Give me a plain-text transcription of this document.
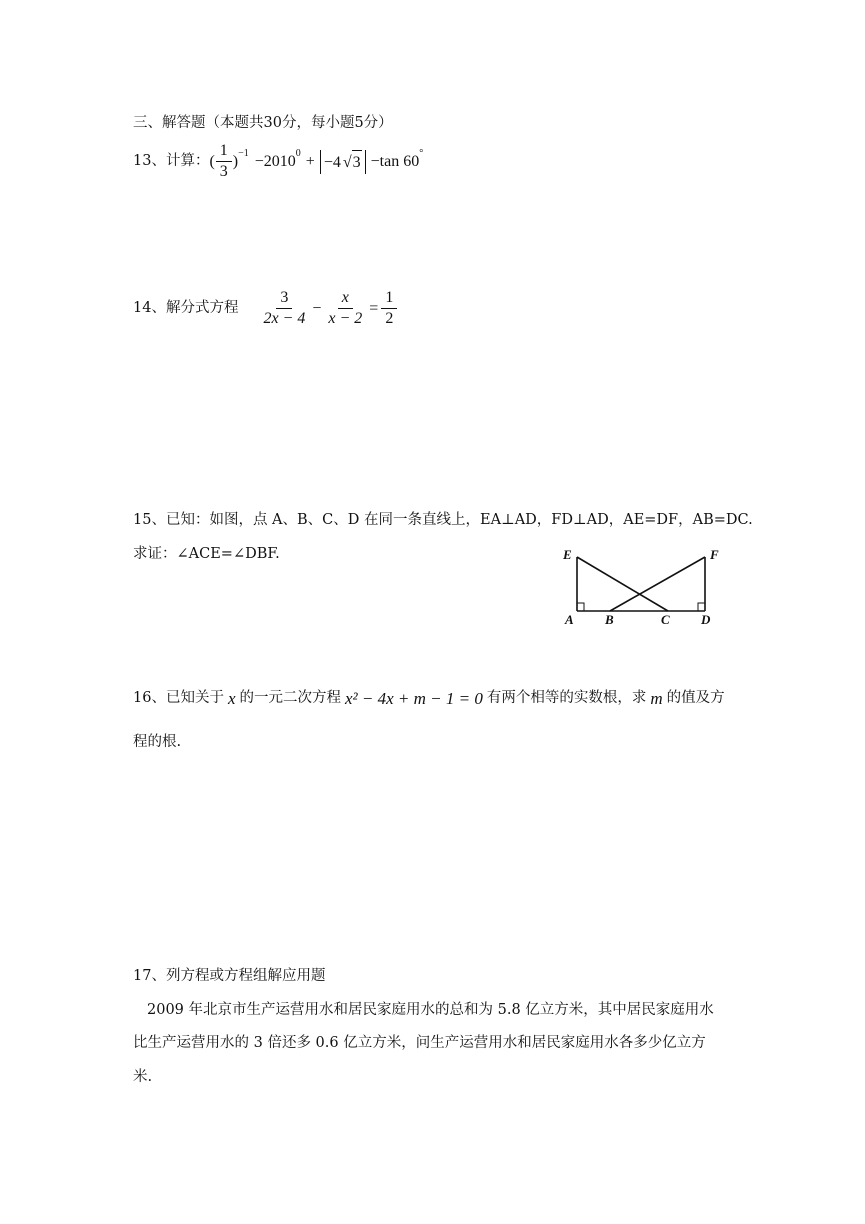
三、解答题（本题共30分，每小题5分）
13、计算： ( $\frac{1}{3} )^{-1} -2010^0 + -4$ √3 −tan 60°
14、解分式方程 $\frac{3}{2x - 4} - \frac{x}{x - 2} = \frac{1}{2}$
15、已知：如图，点 A、B、C、D 在同一条直线上，EA⊥AD，FD⊥AD，AE=DF，AB=DC.
求证：∠ACE=∠DBF.	E	F
A B	C D
16、已知关于 x 的一元二次方程 x² − 4x + m − 1 = 0 有两个相等的实数根，求 m 的值及方
程的根.
17、列方程或方程组解应用题
2009 年北京市生产运营用水和居民家庭用水的总和为 5.8 亿立方米，其中居民家庭用水
比生产运营用水的 3 倍还多 0.6 亿立方米，问生产运营用水和居民家庭用水各多少亿立方
米.
